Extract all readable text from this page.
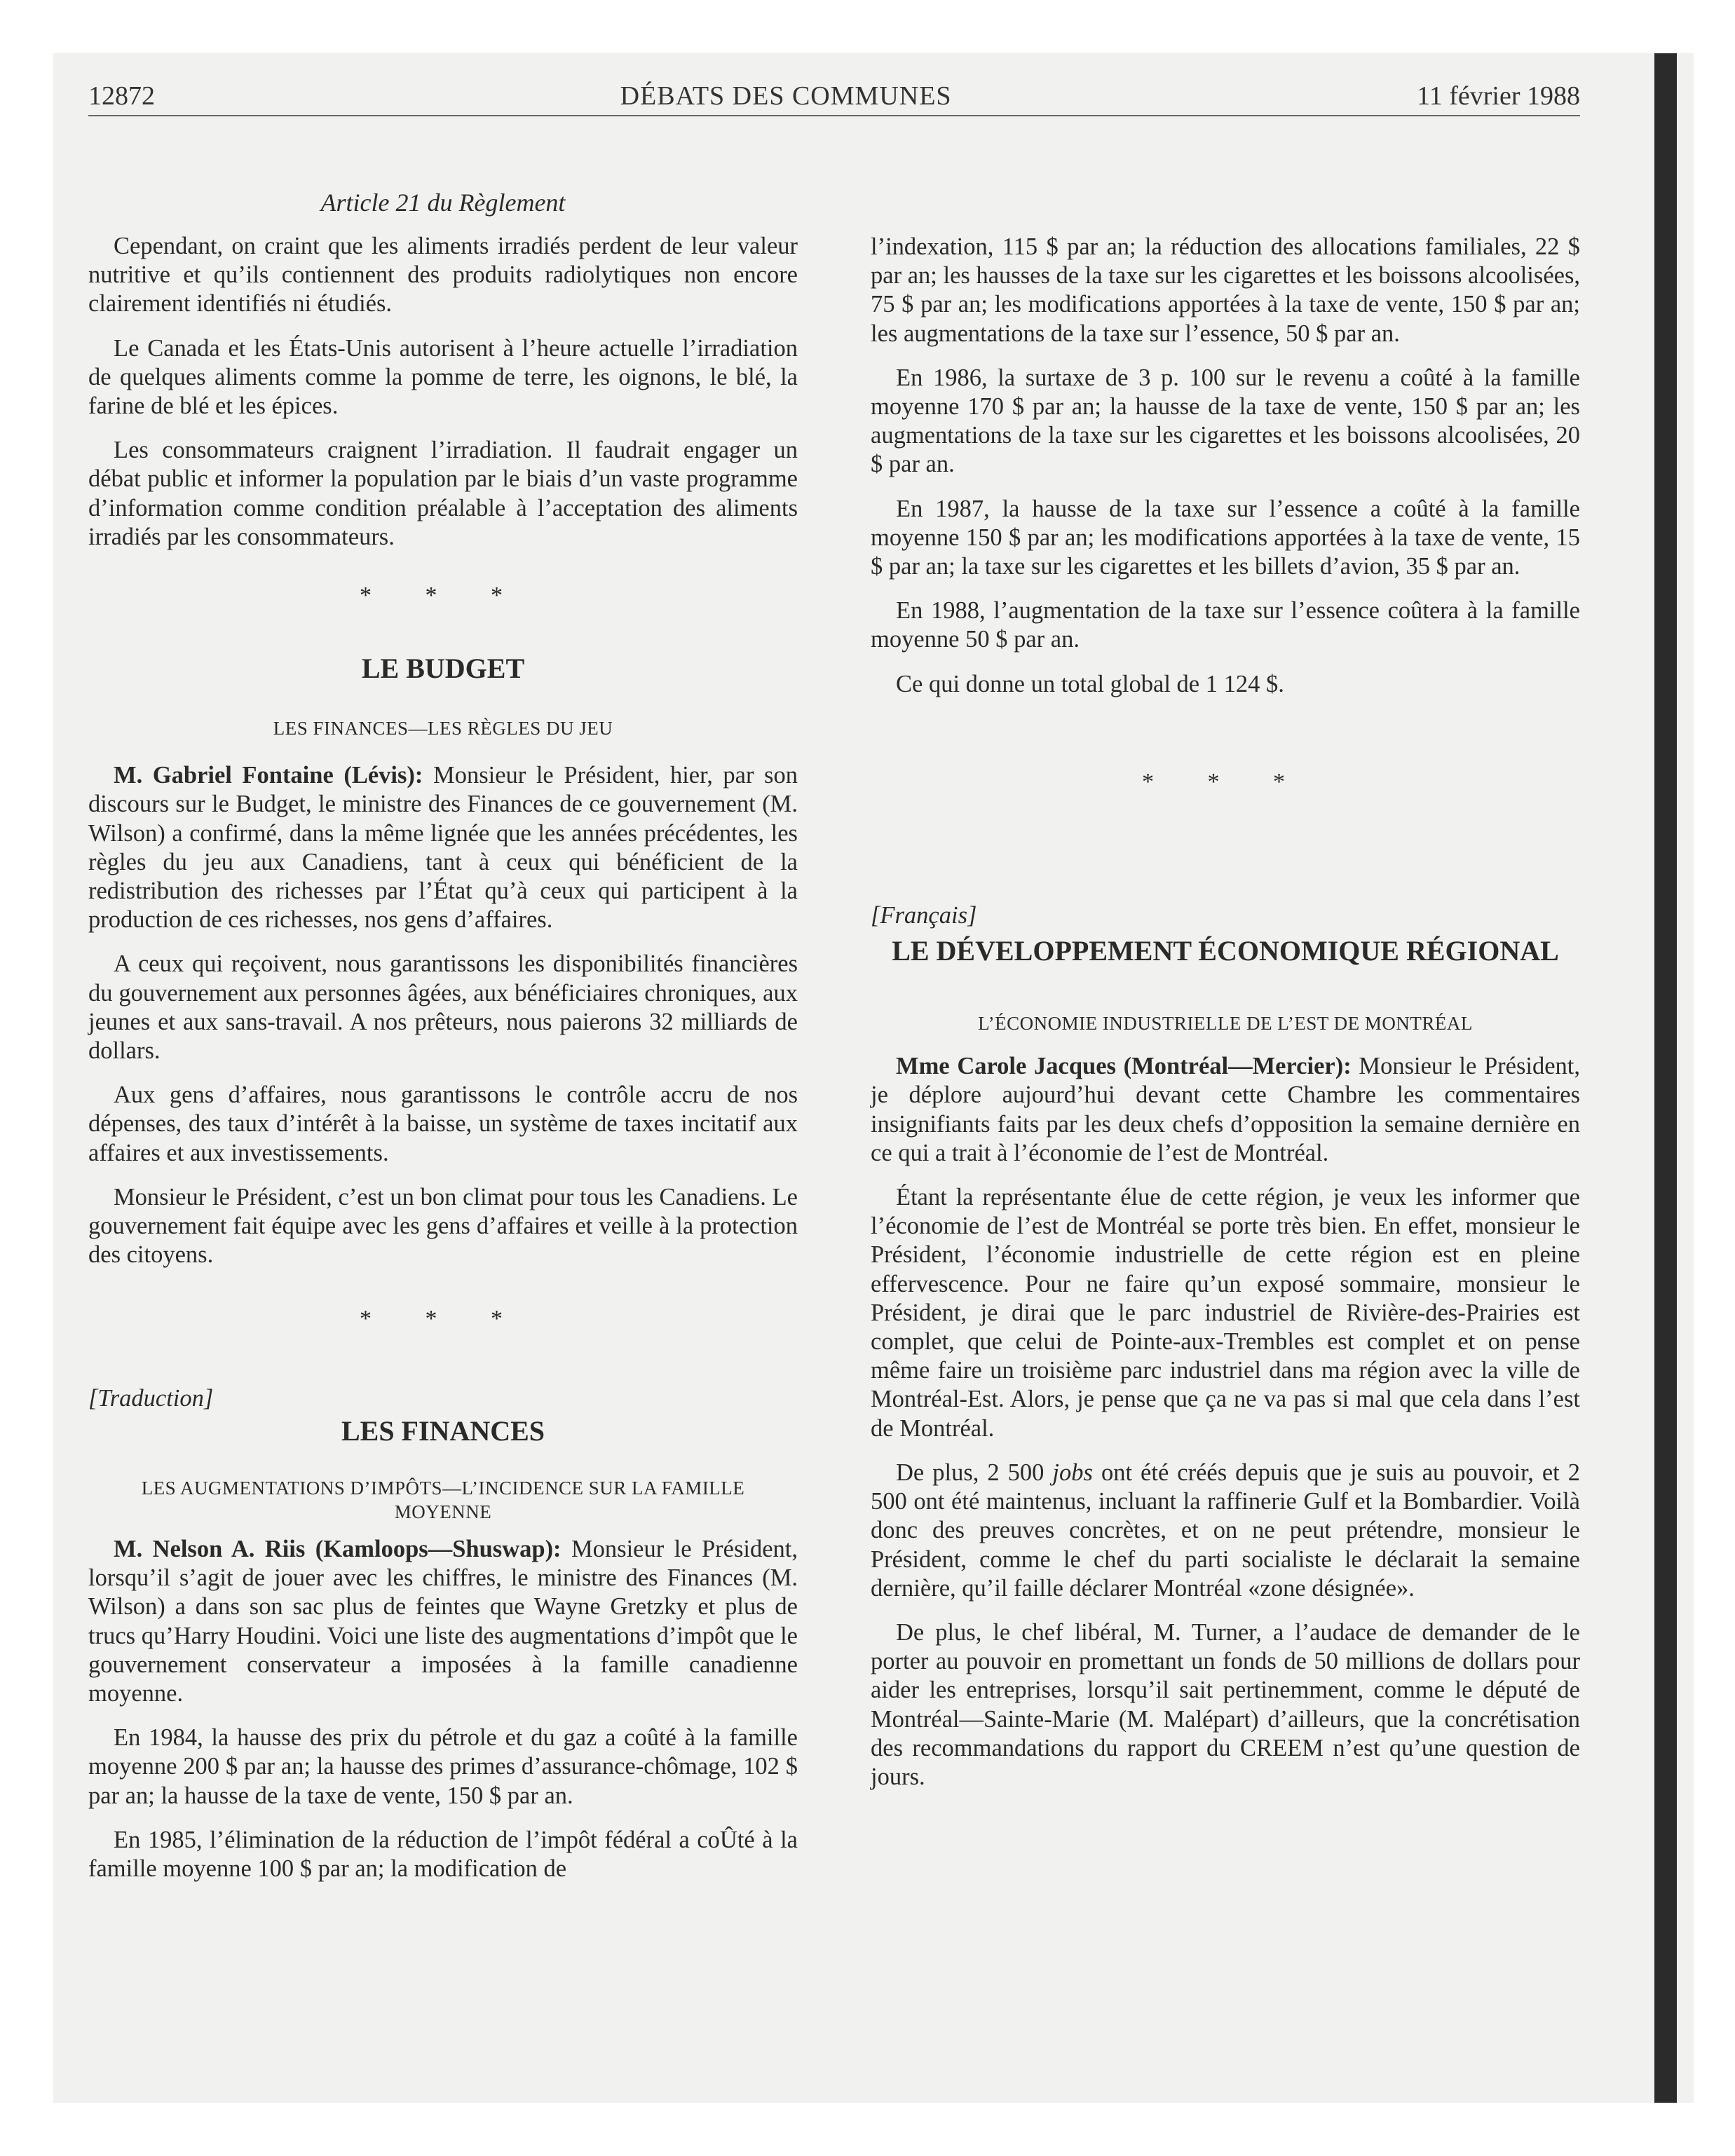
12872	DÉBATS DES COMMUNES	11 février 1988
Article 21 du Règlement

Cependant, on craint que les aliments irradiés perdent de leur valeur nutritive et qu’ils contiennent des produits radiolytiques non encore clairement identifiés ni étudiés.

Le Canada et les États-Unis autorisent à l’heure actuelle l’irradiation de quelques aliments comme la pomme de terre, les oignons, le blé, la farine de blé et les épices.

Les consommateurs craignent l’irradiation. Il faudrait engager un débat public et informer la population par le biais d’un vaste programme d’information comme condition préalable à l’acceptation des aliments irradiés par les consommateurs.

* * *
LE BUDGET
LES FINANCES—LES RÈGLES DU JEU

M. Gabriel Fontaine (Lévis): Monsieur le Président, hier, par son discours sur le Budget, le ministre des Finances de ce gouvernement (M. Wilson) a confirmé, dans la même lignée que les années précédentes, les règles du jeu aux Canadiens, tant à ceux qui bénéficient de la redistribution des richesses par l’État qu’à ceux qui participent à la production de ces richesses, nos gens d’affaires.

A ceux qui reçoivent, nous garantissons les disponibilités financières du gouvernement aux personnes âgées, aux bénéficiaires chroniques, aux jeunes et aux sans-travail. A nos prêteurs, nous paierons 32 milliards de dollars.

Aux gens d’affaires, nous garantissons le contrôle accru de nos dépenses, des taux d’intérêt à la baisse, un système de taxes incitatif aux affaires et aux investissements.

Monsieur le Président, c’est un bon climat pour tous les Canadiens. Le gouvernement fait équipe avec les gens d’affaires et veille à la protection des citoyens.

* * *
[Traduction]
LES FINANCES
LES AUGMENTATIONS D’IMPÔTS—L’INCIDENCE SUR LA FAMILLE MOYENNE

M. Nelson A. Riis (Kamloops—Shuswap): Monsieur le Président, lorsqu’il s’agit de jouer avec les chiffres, le ministre des Finances (M. Wilson) a dans son sac plus de feintes que Wayne Gretzky et plus de trucs qu’Harry Houdini. Voici une liste des augmentations d’impôt que le gouvernement conservateur a imposées à la famille canadienne moyenne.

En 1984, la hausse des prix du pétrole et du gaz a coûté à la famille moyenne 200 $ par an; la hausse des primes d’assurance-chômage, 102 $ par an; la hausse de la taxe de vente, 150 $ par an.

En 1985, l’élimination de la réduction de l’impôt fédéral a coÛté à la famille moyenne 100 $ par an; la modification de

l’indexation, 115 $ par an; la réduction des allocations familiales, 22 $ par an; les hausses de la taxe sur les cigarettes et les boissons alcoolisées, 75 $ par an; les modifications apportées à la taxe de vente, 150 $ par an; les augmentations de la taxe sur l’essence, 50 $ par an.

En 1986, la surtaxe de 3 p. 100 sur le revenu a coûté à la famille moyenne 170 $ par an; la hausse de la taxe de vente, 150 $ par an; les augmentations de la taxe sur les cigarettes et les boissons alcoolisées, 20 $ par an.

En 1987, la hausse de la taxe sur l’essence a coûté à la famille moyenne 150 $ par an; les modifications apportées à la taxe de vente, 15 $ par an; la taxe sur les cigarettes et les billets d’avion, 35 $ par an.

En 1988, l’augmentation de la taxe sur l’essence coûtera à la famille moyenne 50 $ par an.

Ce qui donne un total global de 1 124 $.

* * *
[Français]
LE DÉVELOPPEMENT ÉCONOMIQUE RÉGIONAL
L’ÉCONOMIE INDUSTRIELLE DE L’EST DE MONTRÉAL

Mme Carole Jacques (Montréal—Mercier): Monsieur le Président, je déplore aujourd’hui devant cette Chambre les commentaires insignifiants faits par les deux chefs d’opposition la semaine dernière en ce qui a trait à l’économie de l’est de Montréal.

Étant la représentante élue de cette région, je veux les informer que l’économie de l’est de Montréal se porte très bien. En effet, monsieur le Président, l’économie industrielle de cette région est en pleine effervescence. Pour ne faire qu’un exposé sommaire, monsieur le Président, je dirai que le parc industriel de Rivière-des-Prairies est complet, que celui de Pointe-aux-Trembles est complet et on pense même faire un troisième parc industriel dans ma région avec la ville de Montréal-Est. Alors, je pense que ça ne va pas si mal que cela dans l’est de Montréal.

De plus, 2 500 jobs ont été créés depuis que je suis au pouvoir, et 2 500 ont été maintenus, incluant la raffinerie Gulf et la Bombardier. Voilà donc des preuves concrètes, et on ne peut prétendre, monsieur le Président, comme le chef du parti socialiste le déclarait la semaine dernière, qu’il faille déclarer Montréal «zone désignée».

De plus, le chef libéral, M. Turner, a l’audace de demander de le porter au pouvoir en promettant un fonds de 50 millions de dollars pour aider les entreprises, lorsqu’il sait pertinemment, comme le député de Montréal—Sainte-Marie (M. Malépart) d’ailleurs, que la concrétisation des recommandations du rapport du CREEM n’est qu’une question de jours.
